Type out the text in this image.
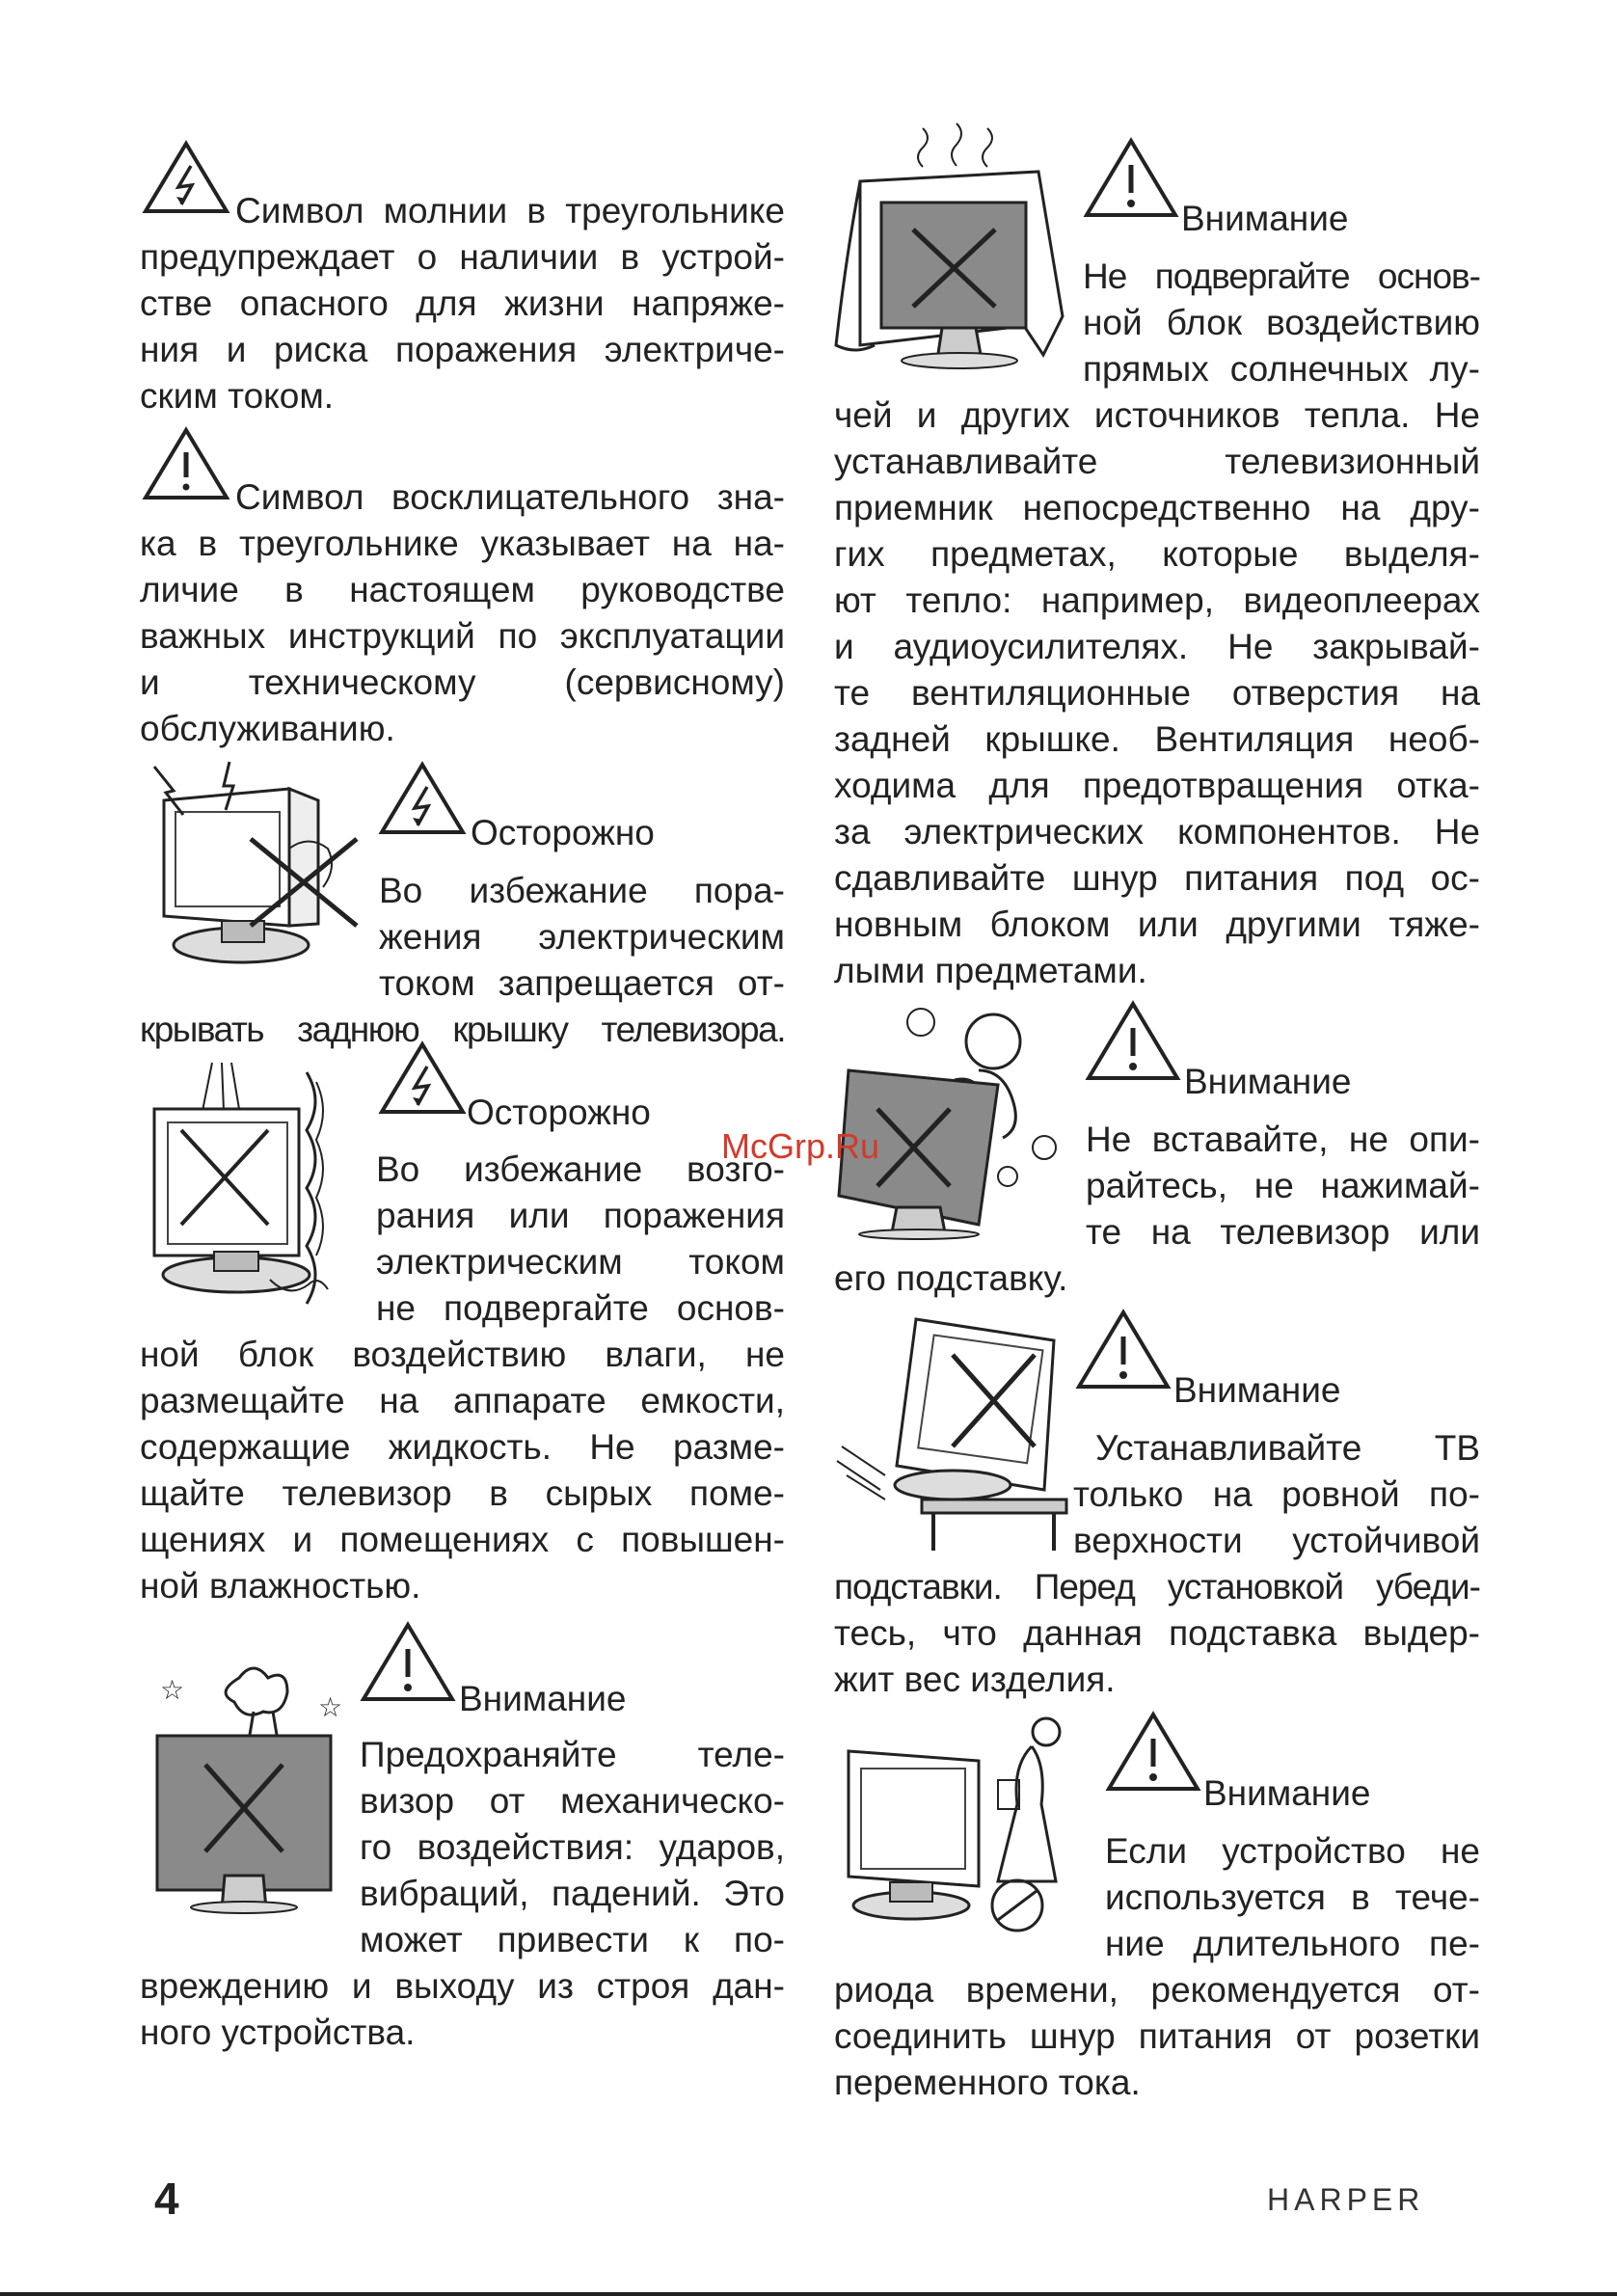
Символ молнии в треугольнике
предупреждает о наличии в устрой-
стве опасного для жизни напряже-
ния и риска поражения электриче-
ским током.
Символ восклицательного зна-
ка в треугольнике указывает на на-
личие в настоящем руководстве
важных инструкций по эксплуатации
и техническому (сервисному)
обслуживанию.
Осторожно
Во избежание пора-
жения электрическим
током запрещается от-
крывать заднюю крышку телевизора.
Осторожно
Во избежание возго-
рания или поражения
электрическим током
не подвергайте основ-
ной блок воздействию влаги, не
размещайте на аппарате емкости,
содержащие жидкость. Не разме-
щайте телевизор в сырых поме-
щениях и помещениях с повышен-
ной влажностью.
☆
☆	Внимание
Предохраняйте теле-
визор от механическо-
го воздействия: ударов,
вибраций, падений. Это
может привести к по-
вреждению и выходу из строя дан-
ного устройства.
Внимание
Не подвергайте основ-
ной блок воздействию
прямых солнечных лу-
чей и других источников тепла. Не
устанавливайте телевизионный
приемник непосредственно на дру-
гих предметах, которые выделя-
ют тепло: например, видеоплеерах
и аудиоусилителях. Не закрывай-
те вентиляционные отверстия на
задней крышке. Вентиляция необ-
ходима для предотвращения отка-
за электрических компонентов. Не
сдавливайте шнур питания под ос-
новным блоком или другими тяже-
лыми предметами.
Внимание
Не вставайте, не опи-
райтесь, не нажимай-
те на телевизор или
его подставку.
Внимание
Устанавливайте ТВ
только на ровной по-
верхности устойчивой
подставки. Перед установкой убеди-
тесь, что данная подставка выдер-
жит вес изделия.
Внимание
Если устройство не
используется в тече-
ние длительного пе-
риода времени, рекомендуется от-
соединить шнур питания от розетки
переменного тока.
McGrp.Ru
4	HARPER
